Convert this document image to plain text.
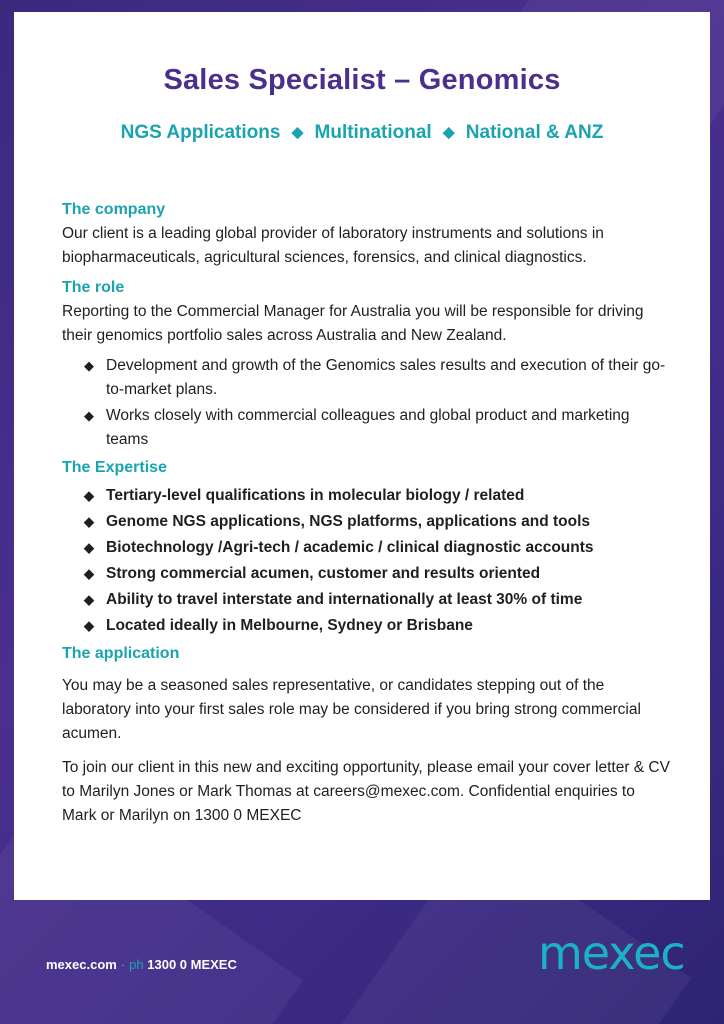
Sales Specialist – Genomics
NGS Applications ◆ Multinational ◆ National & ANZ
The company

Our client is a leading global provider of laboratory instruments and solutions in biopharmaceuticals, agricultural sciences, forensics, and clinical diagnostics.

The role

Reporting to the Commercial Manager for Australia you will be responsible for driving their genomics portfolio sales across Australia and New Zealand.

◆ Development and growth of the Genomics sales results and execution of their go-to-market plans.
◆ Works closely with commercial colleagues and global product and marketing teams
The Expertise
◆ Tertiary-level qualifications in molecular biology / related
◆ Genome NGS applications, NGS platforms, applications and tools
◆ Biotechnology /Agri-tech / academic / clinical diagnostic accounts
◆ Strong commercial acumen, customer and results oriented
◆ Ability to travel interstate and internationally at least 30% of time
◆ Located ideally in Melbourne, Sydney or Brisbane
The application

You may be a seasoned sales representative, or candidates stepping out of the laboratory into your first sales role may be considered if you bring strong commercial acumen.

To join our client in this new and exciting opportunity, please email your cover letter & CV to Marilyn Jones or Mark Thomas at careers@mexec.com. Confidential enquiries to Mark or Marilyn on 1300 0 MEXEC

mexec.com · ph 1300 0 MEXEC	mexec
